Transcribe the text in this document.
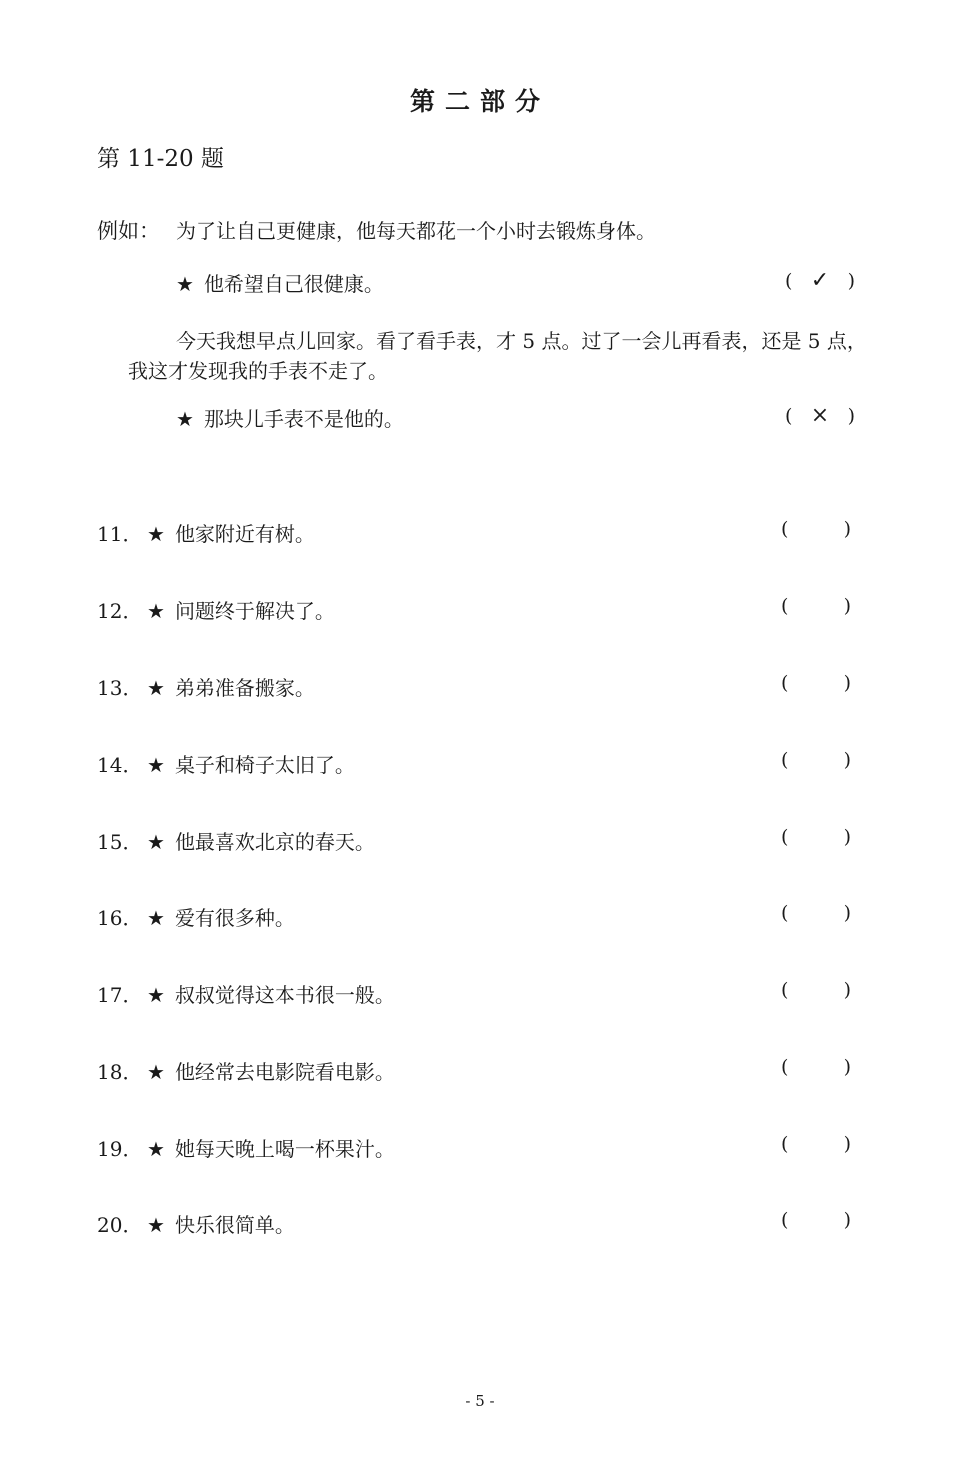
第二部分
第 11-20 题
例如： 为了让自己更健康，他每天都花一个小时去锻炼身体。
★ 他希望自己很健康。	( ✓ )
今天我想早点儿回家。看了看手表，才 5 点。过了一会儿再看表，还是 5 点，我这才发现我的手表不走了。
★ 那块儿手表不是他的。	( × )
11． ★ 他家附近有树。	(	)
12． ★ 问题终于解决了。	(	)
13． ★ 弟弟准备搬家。	(	)
14． ★ 桌子和椅子太旧了。	(	)
15． ★ 他最喜欢北京的春天。	(	)
16． ★ 爱有很多种。	(	)
17． ★ 叔叔觉得这本书很一般。	(	)
18． ★ 他经常去电影院看电影。	(	)
19． ★ 她每天晚上喝一杯果汁。	(	)
20． ★ 快乐很简单。	(	)
- 5 -
